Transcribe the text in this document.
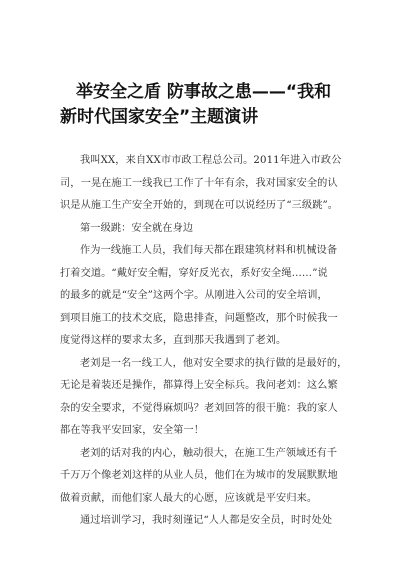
举安全之盾 防事故之患——“我和
新时代国家安全”主题演讲
我叫XX，来自XX市市政工程总公司。2011年进入市政公
司，一晃在施工一线我已工作了十年有余，我对国家安全的认
识是从施工生产安全开始的，到现在可以说经历了“三级跳”。
第一级跳：安全就在身边
作为一线施工人员，我们每天都在跟建筑材料和机械设备
打着交道。“戴好安全帽，穿好反光衣，系好安全绳……”说
的最多的就是“安全”这两个字。从刚进入公司的安全培训，
到项目施工的技术交底，隐患排查，问题整改，那个时候我一
度觉得这样的要求太多，直到那天我遇到了老刘。
老刘是一名一线工人，他对安全要求的执行做的是最好的，
无论是着装还是操作，都算得上安全标兵。我问老刘：这么繁
杂的安全要求，不觉得麻烦吗？老刘回答的很干脆：我的家人
都在等我平安回家，安全第一！
老刘的话对我的内心，触动很大，在施工生产领域还有千
千万万个像老刘这样的从业人员，他们在为城市的发展默默地
做着贡献，而他们家人最大的心愿，应该就是平安归来。
通过培训学习，我时刻谨记“人人都是安全员，时时处处
